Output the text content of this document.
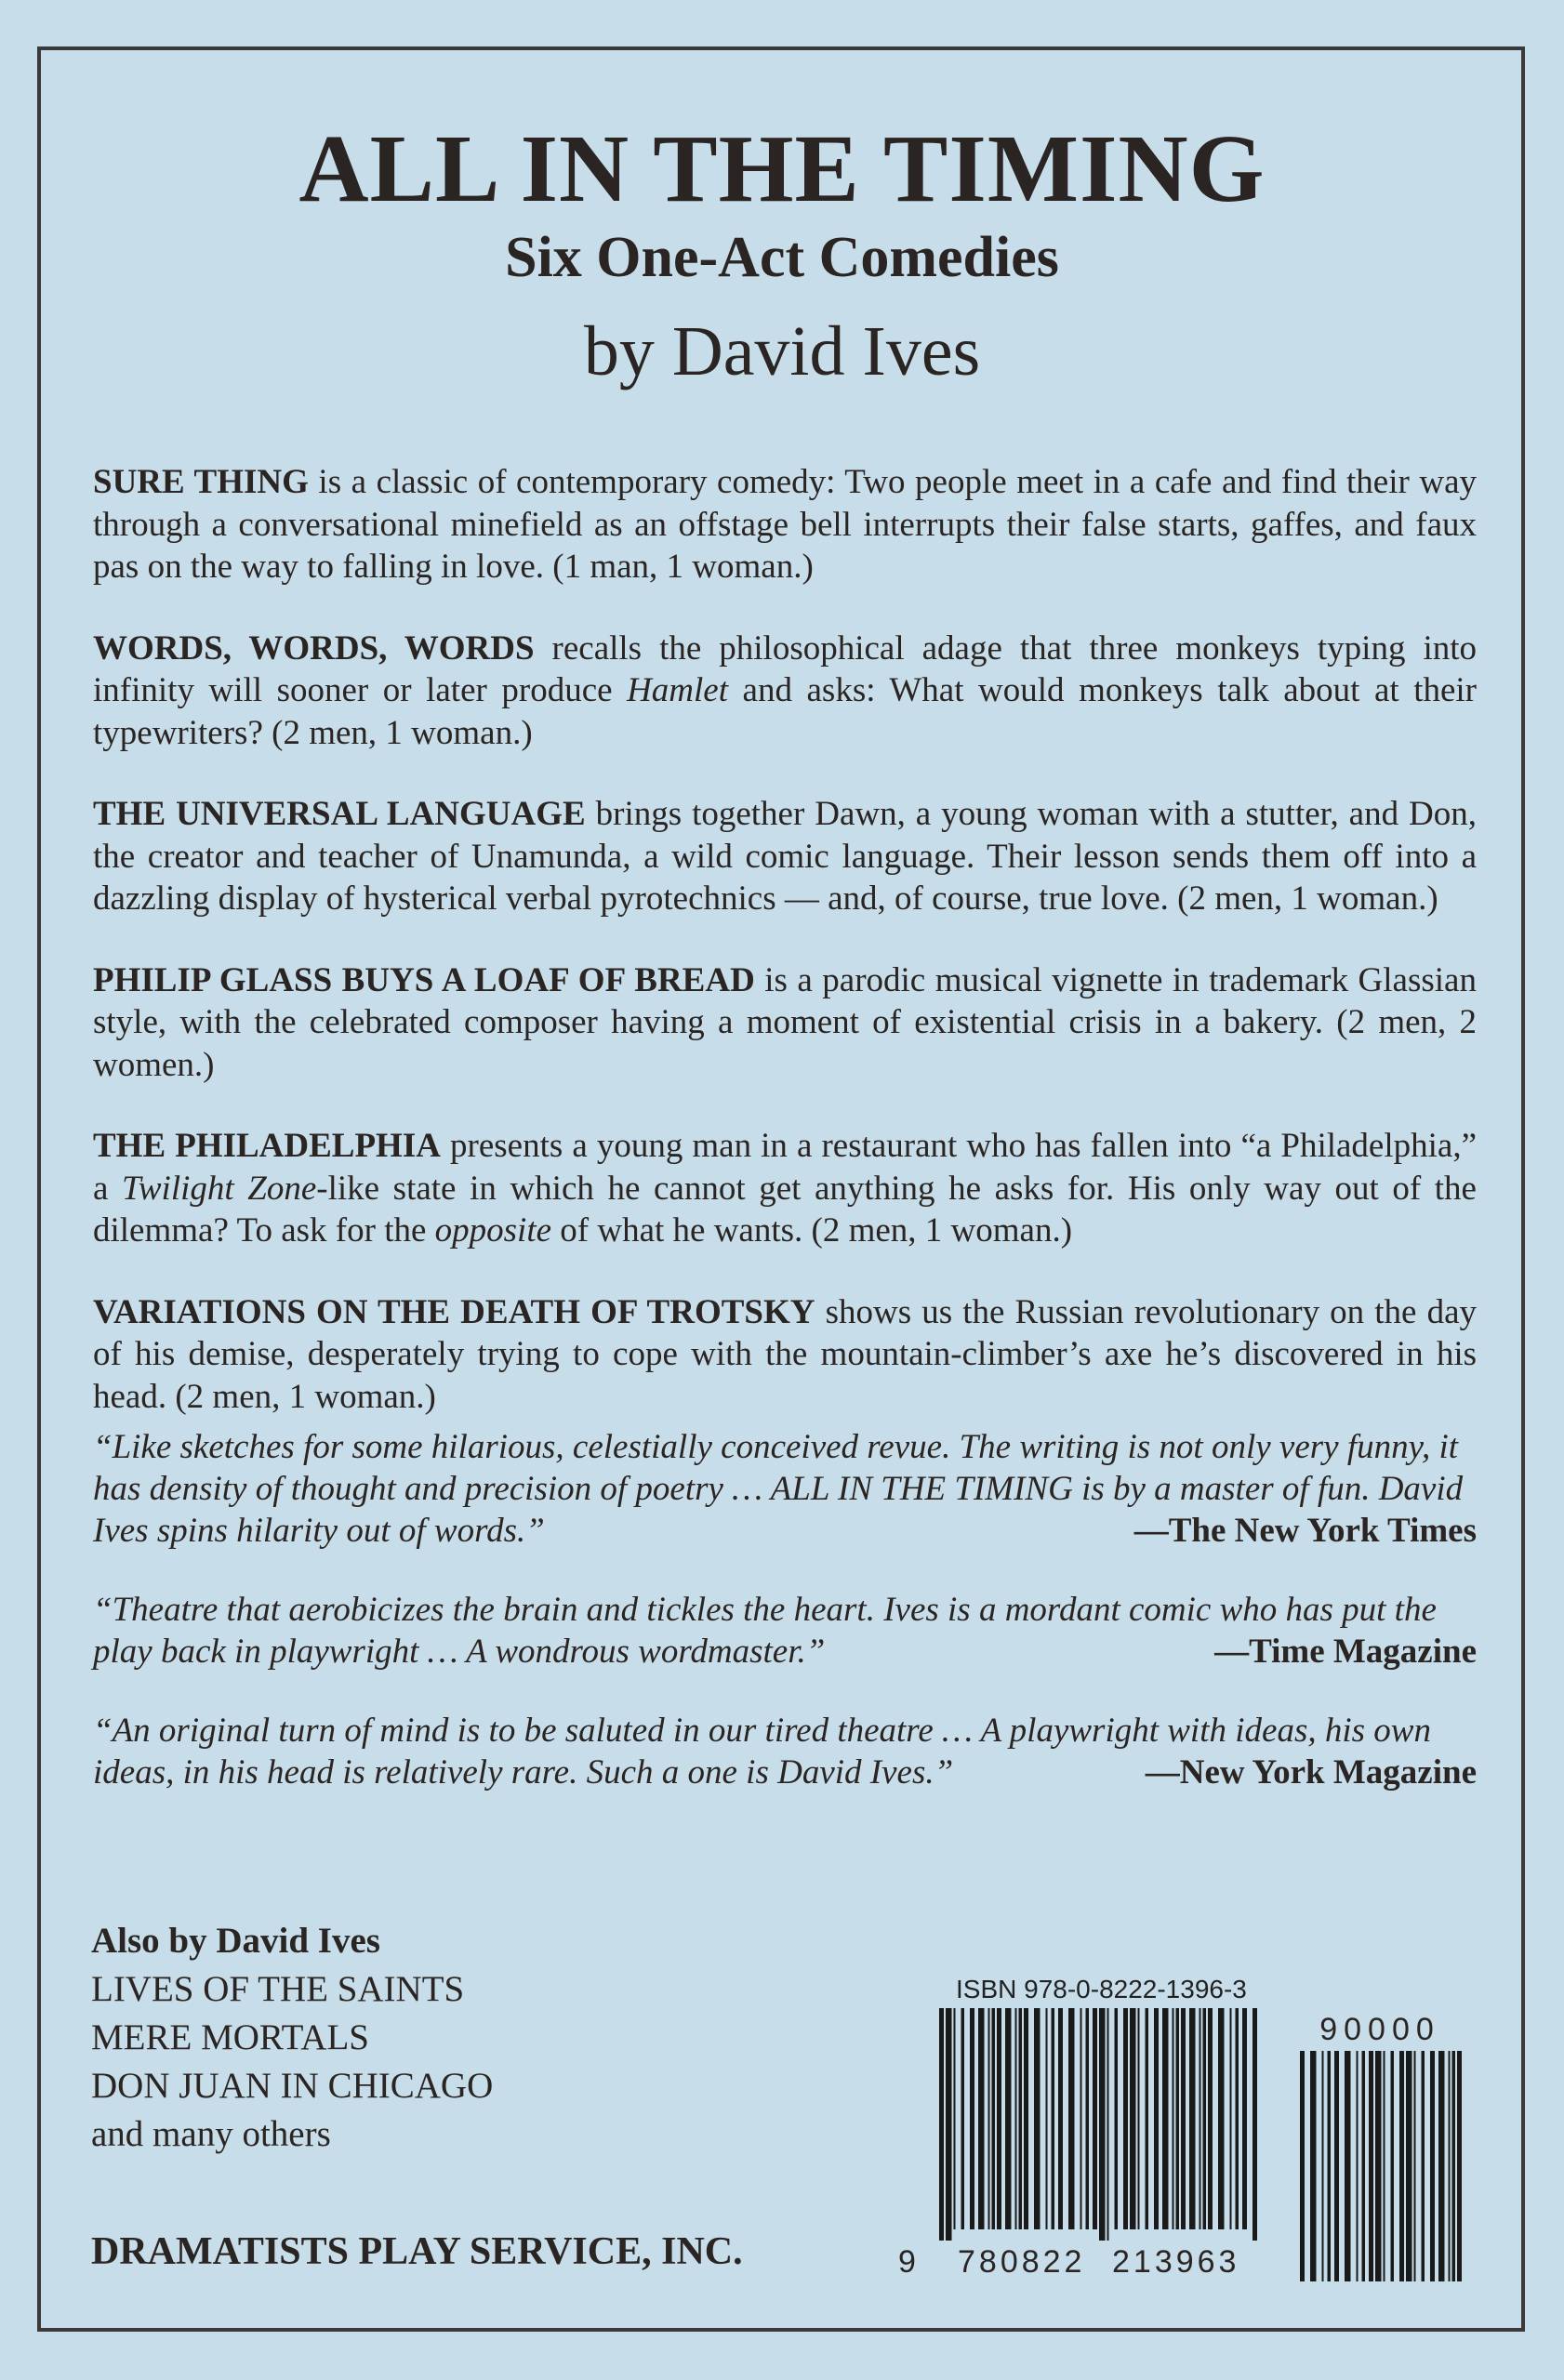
ALL IN THE TIMING
Six One-Act Comedies
by David Ives

SURE THING is a classic of contemporary comedy: Two people meet in a cafe and find their way through a conversational minefield as an offstage bell interrupts their false starts, gaffes, and faux pas on the way to falling in love. (1 man, 1 woman.)

WORDS, WORDS, WORDS recalls the philosophical adage that three monkeys typing into infinity will sooner or later produce Hamlet and asks: What would monkeys talk about at their typewriters? (2 men, 1 woman.)

THE UNIVERSAL LANGUAGE brings together Dawn, a young woman with a stutter, and Don, the creator and teacher of Unamunda, a wild comic language. Their lesson sends them off into a dazzling display of hysterical verbal pyrotechnics — and, of course, true love. (2 men, 1 woman.)

PHILIP GLASS BUYS A LOAF OF BREAD is a parodic musical vignette in trademark Glassian style, with the celebrated composer having a moment of existential crisis in a bakery. (2 men, 2 women.)

THE PHILADELPHIA presents a young man in a restaurant who has fallen into “a Philadelphia,” a Twilight Zone-like state in which he cannot get anything he asks for. His only way out of the dilemma? To ask for the opposite of what he wants. (2 men, 1 woman.)

VARIATIONS ON THE DEATH OF TROTSKY shows us the Russian revolutionary on the day of his demise, desperately trying to cope with the mountain-climber’s axe he’s discovered in his head. (2 men, 1 woman.)

“Like sketches for some hilarious, celestially conceived revue. The writing is not only very funny, it has density of thought and precision of poetry … ALL IN THE TIMING is by a master of fun. David Ives spins hilarity out of words.”	—The New York Times
“Theatre that aerobicizes the brain and tickles the heart. Ives is a mordant comic who has put the play back in playwright … A wondrous wordmaster.”	—Time Magazine
“An original turn of mind is to be saluted in our tired theatre … A playwright with ideas, his own ideas, in his head is relatively rare. Such a one is David Ives.”	—New York Magazine
Also by David Ives
LIVES OF THE SAINTS
MERE MORTALS
DON JUAN IN CHICAGO
and many others
DRAMATISTS PLAY SERVICE, INC.
ISBN 978-0-8222-1396-3
90000
9 780822 213963
